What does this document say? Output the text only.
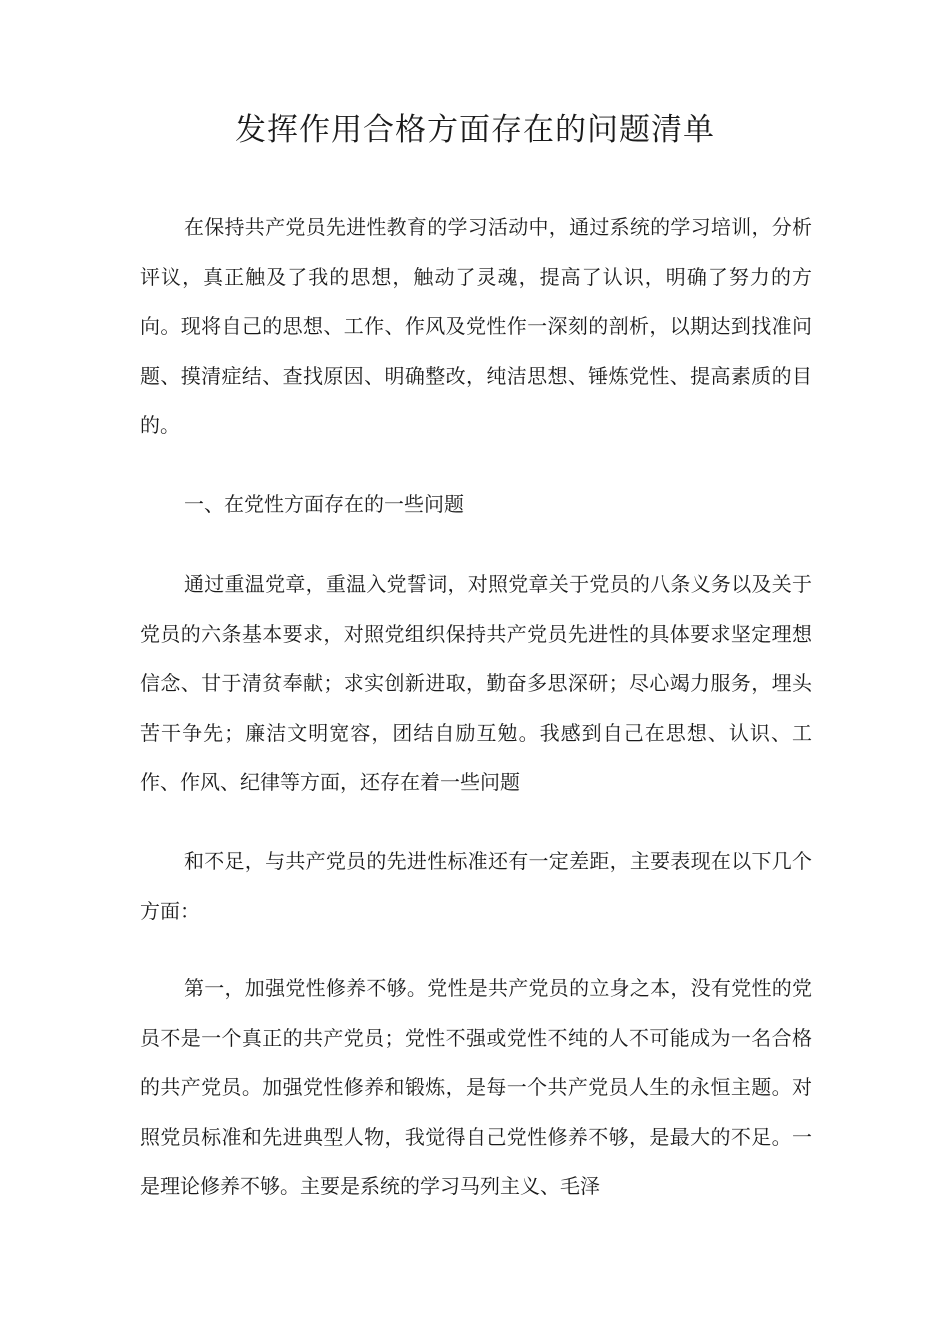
发挥作用合格方面存在的问题清单

在保持共产党员先进性教育的学习活动中，通过系统的学习培训，分析评议，真正触及了我的思想，触动了灵魂，提高了认识，明确了努力的方向。现将自己的思想、工作、作风及党性作一深刻的剖析，以期达到找准问题、摸清症结、查找原因、明确整改，纯洁思想、锤炼党性、提高素质的目的。

一、在党性方面存在的一些问题

通过重温党章，重温入党誓词，对照党章关于党员的八条义务以及关于党员的六条基本要求，对照党组织保持共产党员先进性的具体要求坚定理想信念、甘于清贫奉献；求实创新进取，勤奋多思深研；尽心竭力服务，埋头苦干争先；廉洁文明宽容，团结自励互勉。我感到自己在思想、认识、工作、作风、纪律等方面，还存在着一些问题

和不足，与共产党员的先进性标准还有一定差距，主要表现在以下几个方面：

第一，加强党性修养不够。党性是共产党员的立身之本，没有党性的党员不是一个真正的共产党员；党性不强或党性不纯的人不可能成为一名合格的共产党员。加强党性修养和锻炼，是每一个共产党员人生的永恒主题。对照党员标准和先进典型人物，我觉得自己党性修养不够，是最大的不足。一是理论修养不够。主要是系统的学习马列主义、毛泽
